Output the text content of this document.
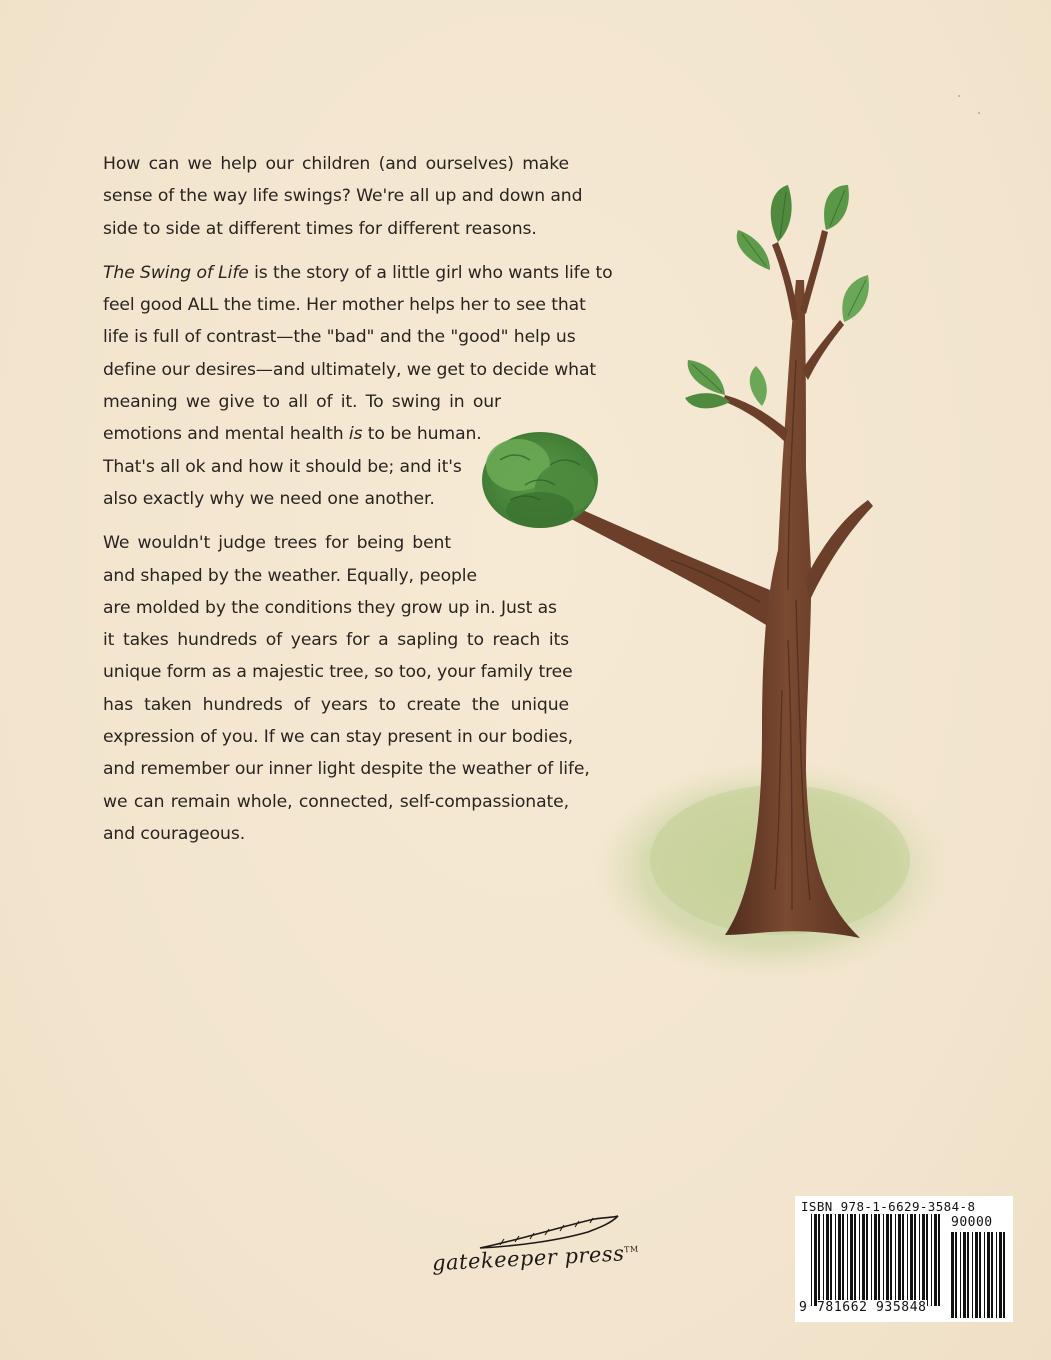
How can we help our children (and ourselves) make
sense of the way life swings? We're all up and down and
side to side at different times for different reasons.

The Swing of Life is the story of a little girl who wants life to
feel good ALL the time. Her mother helps her to see that
life is full of contrast—the "bad" and the "good" help us
define our desires—and ultimately, we get to decide what
meaning we give to all of it. To swing in our
emotions and mental health is to be human.
That's all ok and how it should be; and it's
also exactly why we need one another.

We wouldn't judge trees for being bent
and shaped by the weather. Equally, people
are molded by the conditions they grow up in. Just as
it takes hundreds of years for a sapling to reach its
unique form as a majestic tree, so too, your family tree
has taken hundreds of years to create the unique
expression of you. If we can stay present in our bodies,
and remember our inner light despite the weather of life,
we can remain whole, connected, self-compassionate,
and courageous.

gatekeeper press™
ISBN 978-1-6629-3584-8
90000
9 781662 935848
